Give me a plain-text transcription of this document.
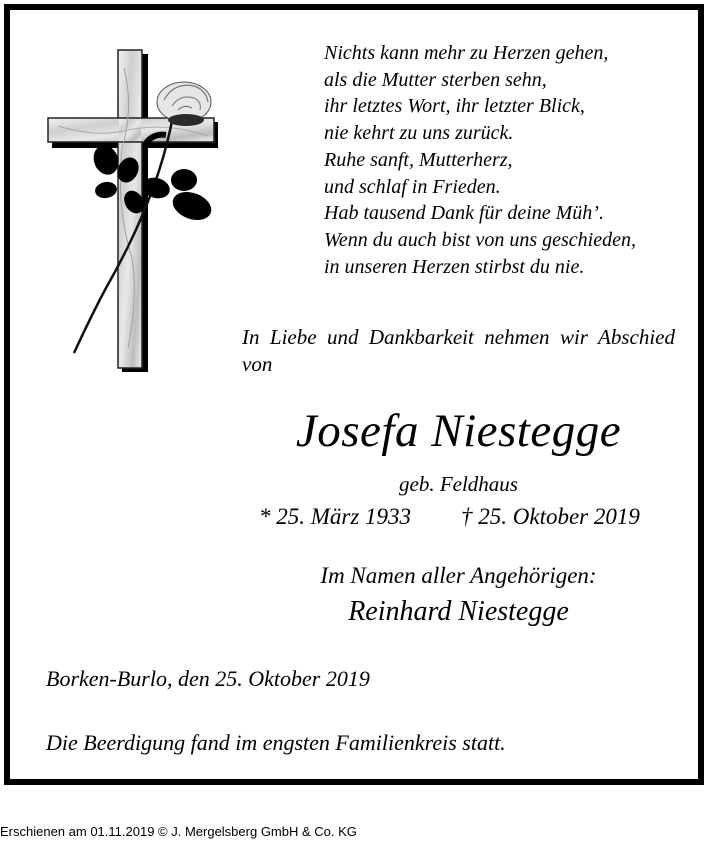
Nichts kann mehr zu Herzen gehen,
als die Mutter sterben sehn,
ihr letztes Wort, ihr letzter Blick,
nie kehrt zu uns zurück.
Ruhe sanft, Mutterherz,
und schlaf in Frieden.
Hab tausend Dank für deine Müh’.
Wenn du auch bist von uns geschieden,
in unseren Herzen stirbst du nie.
In Liebe und Dankbarkeit nehmen wir Abschied von
Josefa Niestegge
geb. Feldhaus
* 25. März 1933 † 25. Oktober 2019
Im Namen aller Angehörigen:
Reinhard Niestegge
Borken-Burlo, den 25. Oktober 2019
Die Beerdigung fand im engsten Familienkreis statt.
Erschienen am 01.11.2019 © J. Mergelsberg GmbH & Co. KG
